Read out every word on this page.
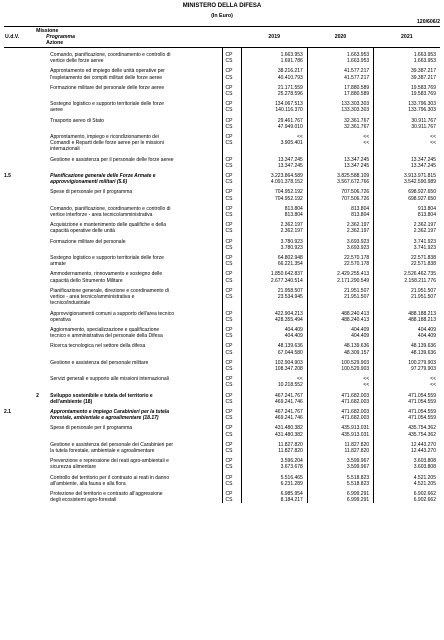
MINISTERO DELLA DIFESA
(In Euro)
120/606/2
U.d.V.	Missione
Programma
Azione			2019	2020	2021

		Comando, pianificazione, coordinamento e controllo di	CP	1.663.953	1.663.953	1.663.953
		vertice delle forze aeree	CS	1.691.786	1.663.953	1.663.953

		Approntamento ed impiego delle unità operative per	CP	38.216.217	41.577.217	39.387.217
		l'espletamento dei compiti militari delle forze aeree	CS	40.410.793	41.577.217	39.387.217

		Formazione militare del personale delle forze aeree	CP	21.171.559	17.880.589	19.583.769
			CS	25.278.596	17.880.589	19.583.769

		Sostegno logistico e supporto territoriale delle forze	CP	134.067.513	133.303.303	133.796.303
		aeree	CS	140.116.370	133.303.303	133.796.303

		Trasporto aereo di Stato	CP	29.461.767	32.361.767	30.911.767
			CS	47.949.010	32.361.767	30.911.767

		Approntamento, impiego e ricondizionamento dei	CP	<<	<<	<<
		Comandi e Reparti delle forze aeree per le missioni	CS	3.905.401	<<	<<
		internazionali				

		Gestione e assistenza per il personale delle forze aeree	CP	13.347.245	13.347.245	13.347.245
			CS	13.347.245	13.347.245	13.347.245

1.5		Pianificazione generale delle Forze Armate e	CP	3.223.864.589	3.825.588.109	3.913.971.815
		approvvigionamenti militari (5.6)	CS	4.091.378.152	3.567.672.766	3.542.590.989

		Spese di personale per il programma	CP	704.952.192	707.506.726	698.927.650
			CS	704.952.192	707.506.726	698.927.650

		Comando, pianificazione, coordinamento e controllo di	CP	813.804	813.804	913.804
		vertice interforze - area tecnico/amministrativa	CS	813.804	813.804	813.804

		Acquisizione e mantenimento delle qualifiche e della	CP	2.362.197	2.362.197	2.362.197
		capacità operative delle unità	CS	2.362.197	2.362.197	2.362.197

		Formazione militare del personale	CP	3.780.923	3.693.923	3.741.923
			CS	3.780.923	3.693.923	3.741.923

		Sostegno logistico e supporto territoriale delle forze	CP	64.802.948	22.570.178	22.571.838
		armate	CS	66.221.354	22.570.178	22.571.838

		Ammodernamento, rinnovamento e sostegno delle	CP	1.850.642.837	2.429.255.413	2.526.462.735
		capacità dello Strumento Militare	CS	2.677.340.514	2.171.290.549	2.158.211.776

		Pianificazione generale, direzione e coordinamento di	CP	21.958.507	21.951.507	21.951.507
		vertice - area tecnico/amministrativa e	CS	23.534.945	21.951.507	21.951.507
		tecnico/industriale				

		Approvvigionamenti comuni a supporto dell'area tecnico	CP	422.904.213	488.240.413	488.188.213
		operativa	CS	428.355.494	488.240.413	488.188.213

		Aggiornamento, specializzazione e qualificazione	CP	404.409	404.409	404.409
		tecnico e amministrativa del personale della Difesa	CS	404.409	404.409	404.409

		Ricerca tecnologica nel settore della difesa	CP	48.139.636	48.139.636	48.139.636
			CS	67.044.580	48.309.157	48.139.636

		Gestione e assistenza del personale militare	CP	102.904.903	100.529.903	100.279.903
			CS	108.347.208	100.529.903	97.279.903

		Servizi generali e supporto alle missioni internazionali	CP	<<	<<	<<
			CS	10.218.552	<<	<<

	2	Sviluppo sostenibile e tutela del territorio e	CP	467.241.767	471.682.003	471.054.559
		dell'ambiente (18)	CS	469.241.746	471.682.003	471.054.559

2.1		Approntamento e impiego Carabinieri per la tutela	CP	467.241.767	471.682.003	471.054.559
		forestale, ambientale e agroalimentare (18.17)	CS	469.241.746	471.682.003	471.054.559

		Spese di personale per il programma	CP	431.480.382	435.913.031	435.754.362
			CS	431.480.382	435.913.031	435.754.362

		Gestione e assistenza del personale dei Carabinieri per	CP	11.827.820	11.827.820	12.443.270
		la tutela forestale, ambientale e agroalimentare	CS	11.827.820	11.827.820	12.443.270

		Prevenzione e repressione dei reati agro-ambientali e	CP	3.596.204	3.599.967	3.603.808
		sicurezza alimentare	CS	3.673.678	3.599.967	3.603.808

		Controllo del territorio per il contrasto ai reati in danno	CP	5.516.465	5.518.823	4.521.205
		all'ambiente, alla fauna e alla flora	CS	6.231.289	5.518.823	4.521.205

		Protezione del territorio e contrasto all'aggressione	CP	6.985.954	6.999.291	6.902.662
		degli ecosistemi agro-forestali	CS	8.184.217	6.999.291	6.902.662
